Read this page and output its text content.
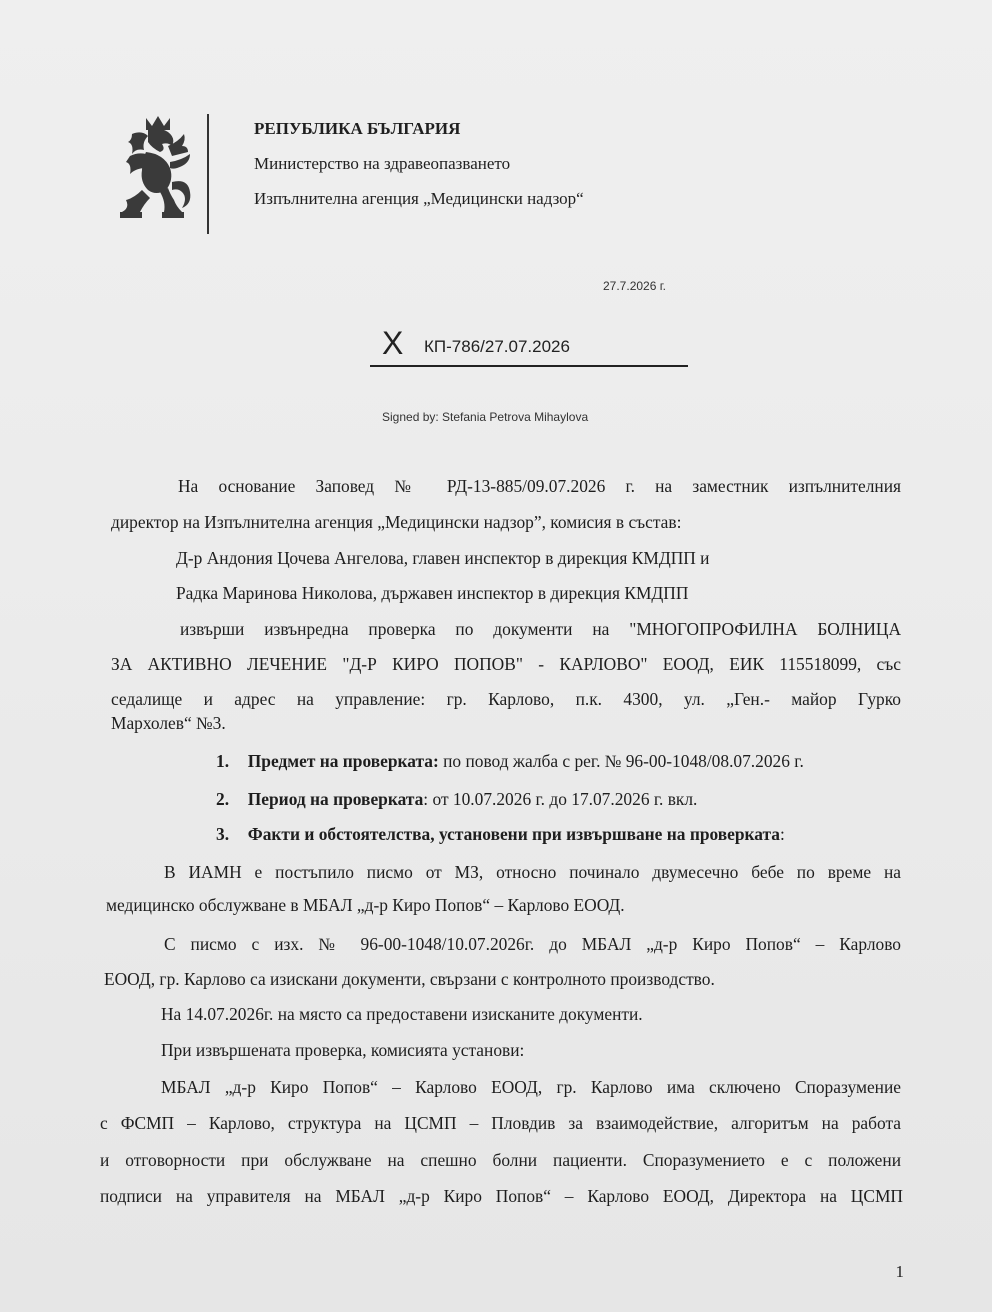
РЕПУБЛИКА БЪЛГАРИЯ
Министерство на здравеопазването
Изпълнителна агенция „Медицински надзор“
27.7.2026 г.
X КП-786/27.07.2026
Signed by: Stefania Petrova Mihaylova
На основание Заповед № РД-13-885/09.07.2026 г. на заместник изпълнителния
директор на Изпълнителна агенция „Медицински надзор”, комисия в състав:
Д-р Андония Цочева Ангелова, главен инспектор в дирекция КМДПП и
Радка Маринова Николова, държавен инспектор в дирекция КМДПП
извърши извънредна проверка по документи на "МНОГОПРОФИЛНА БОЛНИЦА
ЗА АКТИВНО ЛЕЧЕНИЕ "Д-Р КИРО ПОПОВ" - КАРЛОВО" ЕООД, ЕИК 115518099, със
седалище и адрес на управление: гр. Карлово, п.к. 4300, ул. „Ген.- майор Гурко
Мархолев“ №3.
1. Предмет на проверката: по повод жалба с рег. № 96-00-1048/08.07.2026 г.
2. Период на проверката: от 10.07.2026 г. до 17.07.2026 г. вкл.
3. Факти и обстоятелства, установени при извършване на проверката:
В ИАМН е постъпило писмо от МЗ, относно починало двумесечно бебе по време на
медицинско обслужване в МБАЛ „д-р Киро Попов“ – Карлово ЕООД.
С писмо с изх. № 96-00-1048/10.07.2026г. до МБАЛ „д-р Киро Попов“ – Карлово
ЕООД, гр. Карлово са изискани документи, свързани с контролното производство.
На 14.07.2026г. на място са предоставени изисканите документи.
При извършената проверка, комисията установи:
МБАЛ „д-р Киро Попов“ – Карлово ЕООД, гр. Карлово има сключено Споразумение
с ФСМП – Карлово, структура на ЦСМП – Пловдив за взаимодействие, алгоритъм на работа
и отговорности при обслужване на спешно болни пациенти. Споразумението е с положени
подписи на управителя на МБАЛ „д-р Киро Попов“ – Карлово ЕООД, Директора на ЦСМП
1
